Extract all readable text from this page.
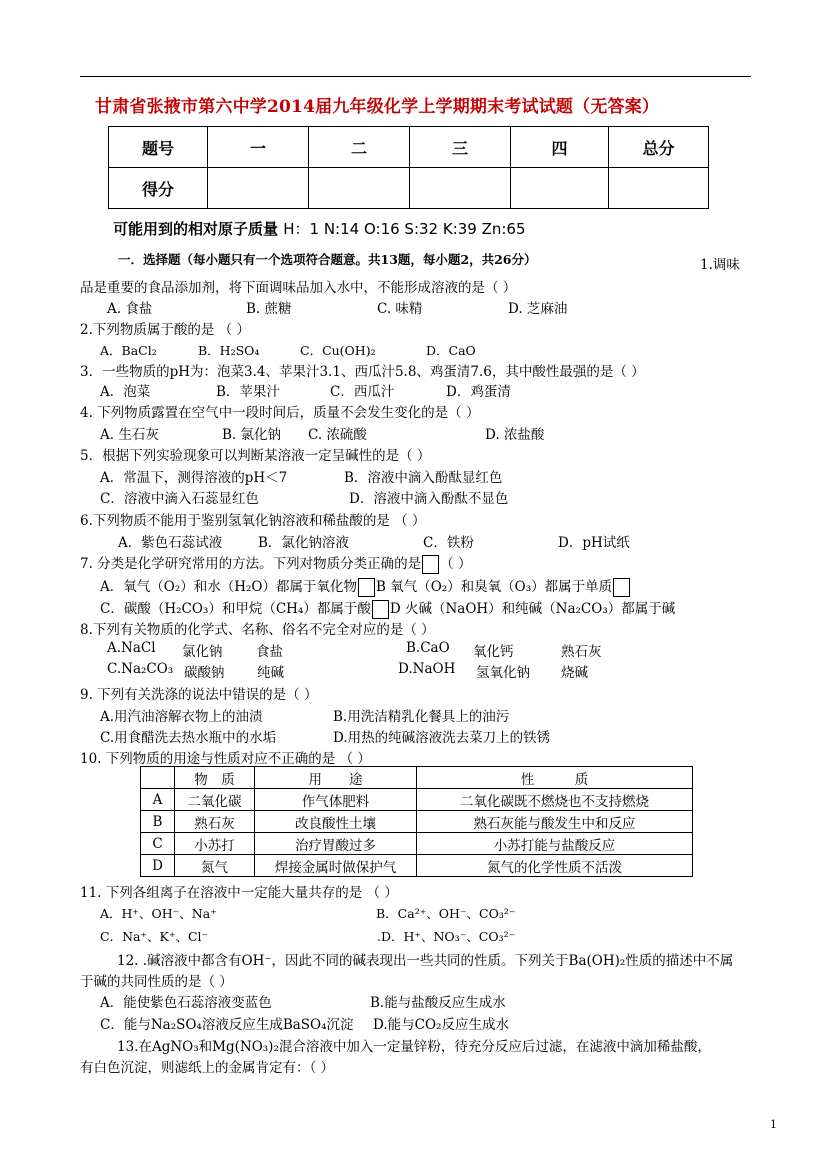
甘肃省张掖市第六中学2014届九年级化学上学期期末考试试题（无答案）
题号	一	二	三	四	总分
得分					
可能用到的相对原子质量 H：1 N:14 O:16 S:32 K:39 Zn:65
一．选择题（每小题只有一个选项符合题意。共13题，每小题2，共26分）	1.调味
品是重要的食品添加剂，将下面调味品加入水中，不能形成溶液的是（ ）
A. 食盐	B. 蔗糖	C. 味精	D. 芝麻油
2.下列物质属于酸的是 （ ）
A．BaCl₂	B．H₂SO₄	C．Cu(OH)₂	D．CaO
3．一些物质的pH为：泡菜3.4、苹果汁3.1、西瓜汁5.8、鸡蛋清7.6，其中酸性最强的是（ ）
A．泡菜	B．苹果汁	C．西瓜汁	D．鸡蛋清
4. 下列物质露置在空气中一段时间后，质量不会发生变化的是（ ）
A. 生石灰	B. 氯化钠 C. 浓硫酸	D. 浓盐酸
5．根据下列实验现象可以判断某溶液一定呈碱性的是（ ）
A．常温下，测得溶液的pH＜7	B．溶液中滴入酚酞显红色
C．溶液中滴入石蕊显红色	D．溶液中滴入酚酞不显色
6.下列物质不能用于鉴别氢氧化钠溶液和稀盐酸的是 （ ）
A．紫色石蕊试液	B．氯化钠溶液	C．铁粉	D．pH试纸
7. 分类是化学研究常用的方法。下列对物质分类正确的是 （ ）
A．氧气（O₂）和水（H₂O）都属于氧化物 B 氧气（O₂）和臭氧（O₃）都属于单质
C．碳酸（H₂CO₃）和甲烷（CH₄）都属于酸 D 火碱（NaOH）和纯碱（Na₂CO₃）都属于碱
8.下列有关物质的化学式、名称、俗名不完全对应的是（ ）
A.NaCl 氯化钠 食盐	B.CaO 氧化钙	熟石灰
C.Na₂CO₃ 碳酸钠 纯碱	D.NaOH 氢氧化钠 烧碱
9. 下列有关洗涤的说法中错误的是（ ）
A.用汽油溶解衣物上的油渍	B.用洗洁精乳化餐具上的油污
C.用食醋洗去热水瓶中的水垢	D.用热的纯碱溶液洗去菜刀上的铁锈
10. 下列物质的用途与性质对应不正确的是 （ ）
	物　质	用　　途	性　　　质
A	二氧化碳	作气体肥料	二氧化碳既不燃烧也不支持燃烧
B	熟石灰	改良酸性土壤	熟石灰能与酸发生中和反应
C	小苏打	治疗胃酸过多	小苏打能与盐酸反应
D	氮气	焊接金属时做保护气	氮气的化学性质不活泼
11. 下列各组离子在溶液中一定能大量共存的是 （ ）
A．H⁺、OH⁻、Na⁺	B．Ca²⁺、OH⁻、CO₃²⁻
C．Na⁺、K⁺、Cl⁻	.D．H⁺、NO₃⁻、CO₃²⁻
12. .碱溶液中都含有OH⁻，因此不同的碱表现出一些共同的性质。下列关于Ba(OH)₂性质的描述中不属
于碱的共同性质的是（ ）
A．能使紫色石蕊溶液变蓝色	B.能与盐酸反应生成水
C．能与Na₂SO₄溶液反应生成BaSO₄沉淀 D.能与CO₂反应生成水
13.在AgNO₃和Mg(NO₃)₂混合溶液中加入一定量锌粉，待充分反应后过滤，在滤液中滴加稀盐酸，
有白色沉淀，则滤纸上的金属肯定有：（ ）
1
